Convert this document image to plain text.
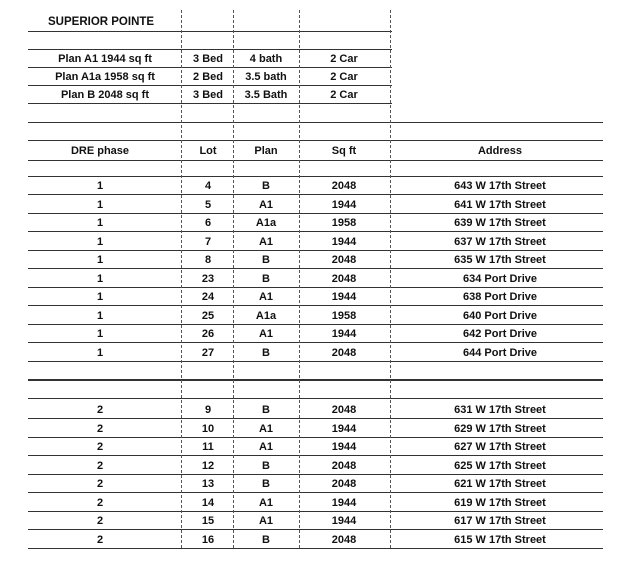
SUPERIOR POINTE
Plan A1 1944 sq ft	3 Bed	4 bath	2 Car
Plan A1a 1958 sq ft	2 Bed	3.5 bath	2 Car
Plan B 2048 sq ft	3 Bed	3.5 Bath	2 Car
DRE phase	Lot	Plan	Sq ft	Address
1	4	B	2048	643 W 17th Street
1	5	A1	1944	641 W 17th Street
1	6	A1a	1958	639 W 17th Street
1	7	A1	1944	637 W 17th Street
1	8	B	2048	635 W 17th Street
1	23	B	2048	634 Port Drive
1	24	A1	1944	638 Port Drive
1	25	A1a	1958	640 Port Drive
1	26	A1	1944	642 Port Drive
1	27	B	2048	644 Port Drive
2	9	B	2048	631 W 17th Street
2	10	A1	1944	629 W 17th Street
2	11	A1	1944	627 W 17th Street
2	12	B	2048	625 W 17th Street
2	13	B	2048	621 W 17th Street
2	14	A1	1944	619 W 17th Street
2	15	A1	1944	617 W 17th Street
2	16	B	2048	615 W 17th Street
